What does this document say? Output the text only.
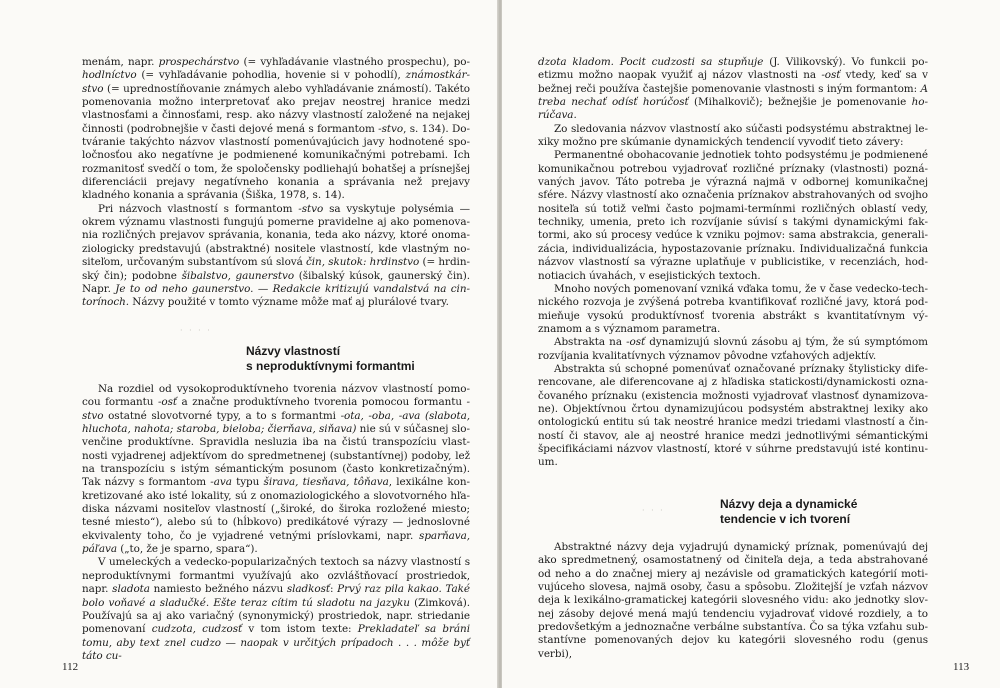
menám, napr. prospechárstvo (= vyhľadávanie vlastného prospechu), pohodlníctvo (= vyhľadávanie pohodlia, hovenie si v pohodlí), známostkárstvo (= uprednostíňovanie známych alebo vyhľadávanie známostí). Takéto pomenovania možno interpretovať ako prejav neostrej hranice medzi vlastnosťami a činnosťami, resp. ako názvy vlastností založené na nejakej činnosti (podrobnejšie v časti dejové mená s formantom -stvo, s. 134). Dotváranie takýchto názvov vlastností pomenúvajúcich javy hodnotené spoločnosťou ako negatívne je podmienené komunikačnými potrebami. Ich rozmanitosť svedčí o tom, že spoločensky podliehajú bohatšej a prísnejšej diferenciácii prejavy negatívneho konania a správania než prejavy kladného konania a správania (Šiška, 1978, s. 14).

Pri názvoch vlastností s formantom -stvo sa vyskytuje polysémia — okrem významu vlastnosti fungujú pomerne pravidelne aj ako pomenovania rozličných prejavov správania, konania, teda ako názvy, ktoré onomaziologicky predstavujú (abstraktné) nositele vlastností, kde vlastným nositeľom, určovaným substantívom sú slová čin, skutok: hrdinstvo (= hrdinský čin); podobne šibalstvo, gaunerstvo (šibalský kúsok, gaunerský čin). Napr. Je to od neho gaunerstvo. — Redakcie kritizujú vandalstvá na cintorínoch. Názvy použité v tomto význame môže mať aj plurálové tvary.

· · · ·
Názvy vlastností
s neproduktívnymi formantmi

Na rozdiel od vysokoproduktívneho tvorenia názvov vlastností pomocou formantu -osť a značne produktívneho tvorenia pomocou formantu -stvo ostatné slovotvorné typy, a to s formantmi -ota, -oba, -ava (slabota, hluchota, nahota; staroba, bieloba; čierňava, siňava) nie sú v súčasnej slovenčine produktívne. Spravidla nesluzia iba na čistú transpozíciu vlastnosti vyjadrenej adjektívom do spredmetnenej (substantívnej) podoby, lež na transpozíciu s istým sémantickým posunom (často konkretizačným). Tak názvy s formantom -ava typu širava, tiesňava, tôňava, lexikálne konkretizované ako isté lokality, sú z onomaziologického a slovotvorného hľadiska názvami nositeľov vlastností („široké, do široka rozložené miesto; tesné miesto“), alebo sú to (hĺbkovo) predikátové výrazy — jednoslovné ekvivalenty toho, čo je vyjadrené vetnými príslovkami, napr. sparňava, páľava („to, že je sparno, spara“).

V umeleckých a vedecko-popularizačných textoch sa názvy vlastností s neproduktívnymi formantmi využívajú ako ozvláštňovací prostriedok, napr. sladota namiesto bežného názvu sladkosť: Prvý raz pila kakao. Také bolo voňavé a sladučké. Ešte teraz cítim tú sladotu na jazyku (Zimková). Používajú sa aj ako variačný (synonymický) prostriedok, napr. striedanie pomenovaní cudzota, cudzosť v tom istom texte: Prekladateľ sa bráni tomu, aby text znel cudzo — naopak v určitých prípadoch . . . môže byť táto cu-

112

dzota kladom. Pocit cudzosti sa stupňuje (J. Vilikovský). Vo funkcii poetizmu možno naopak využiť aj názov vlastnosti na -osť vtedy, keď sa v bežnej reči používa častejšie pomenovanie vlastnosti s iným formantom: A treba nechať odísť horúčosť (Mihalkovič); bežnejšie je pomenovanie horúčava.

Zo sledovania názvov vlastností ako súčasti podsystému abstraktnej lexiky možno pre skúmanie dynamických tendencií vyvodiť tieto závery:

Permanentné obohacovanie jednotiek tohto podsystému je podmienené komunikačnou potrebou vyjadrovať rozličné príznaky (vlastnosti) poznávaných javov. Táto potreba je výrazná najmä v odbornej komunikačnej sfére. Názvy vlastností ako označenia príznakov abstrahovaných od svojho nositeľa sú totiž veľmi často pojmami-termínmi rozličných oblastí vedy, techniky, umenia, preto ich rozvíjanie súvisí s takými dynamickými faktormi, ako sú procesy vedúce k vzniku pojmov: sama abstrakcia, generalizácia, individualizácia, hypostazovanie príznaku. Individualizačná funkcia názvov vlastností sa výrazne uplatňuje v publicistike, v recenziách, hodnotiacich úvahách, v esejistických textoch.

Mnoho nových pomenovaní vzniká vďaka tomu, že v čase vedecko-technického rozvoja je zvýšená potreba kvantifikovať rozličné javy, ktorá podmieňuje vysokú produktívnosť tvorenia abstrákt s kvantitatívnym významom a s významom parametra.

Abstrakta na -osť dynamizujú slovnú zásobu aj tým, že sú symptómom rozvíjania kvalitatívnych významov pôvodne vzťahových adjektív.

Abstrakta sú schopné pomenúvať označované príznaky štylisticky diferencovane, ale diferencovane aj z hľadiska statickosti/dynamickosti označovaného príznaku (existencia možnosti vyjadrovať vlastnosť dynamizovane). Objektívnou črtou dynamizujúcou podsystém abstraktnej lexiky ako ontologickú entitu sú tak neostré hranice medzi triedami vlastností a činností či stavov, ale aj neostré hranice medzi jednotlivými sémantickými špecifikáciami názvov vlastností, ktoré v súhrne predstavujú isté kontinuum.

· · ·	Názvy deja a dynamické
tendencie v ich tvorení

Abstraktné názvy deja vyjadrujú dynamický príznak, pomenúvajú dej ako spredmetnený, osamostatnený od činiteľa deja, a teda abstrahované od neho a do značnej miery aj nezávisle od gramatických kategórií motivujúceho slovesa, najmä osoby, času a spôsobu. Zložitejší je vzťah názvov deja k lexikálno-gramatickej kategórii slovesného vidu: ako jednotky slovnej zásoby dejové mená majú tendenciu vyjadrovať vidové rozdiely, a to predovšetkým a jednoznačne verbálne substantíva. Čo sa týka vzťahu substantívne pomenovaných dejov ku kategórii slovesného rodu (genus verbi),

113
